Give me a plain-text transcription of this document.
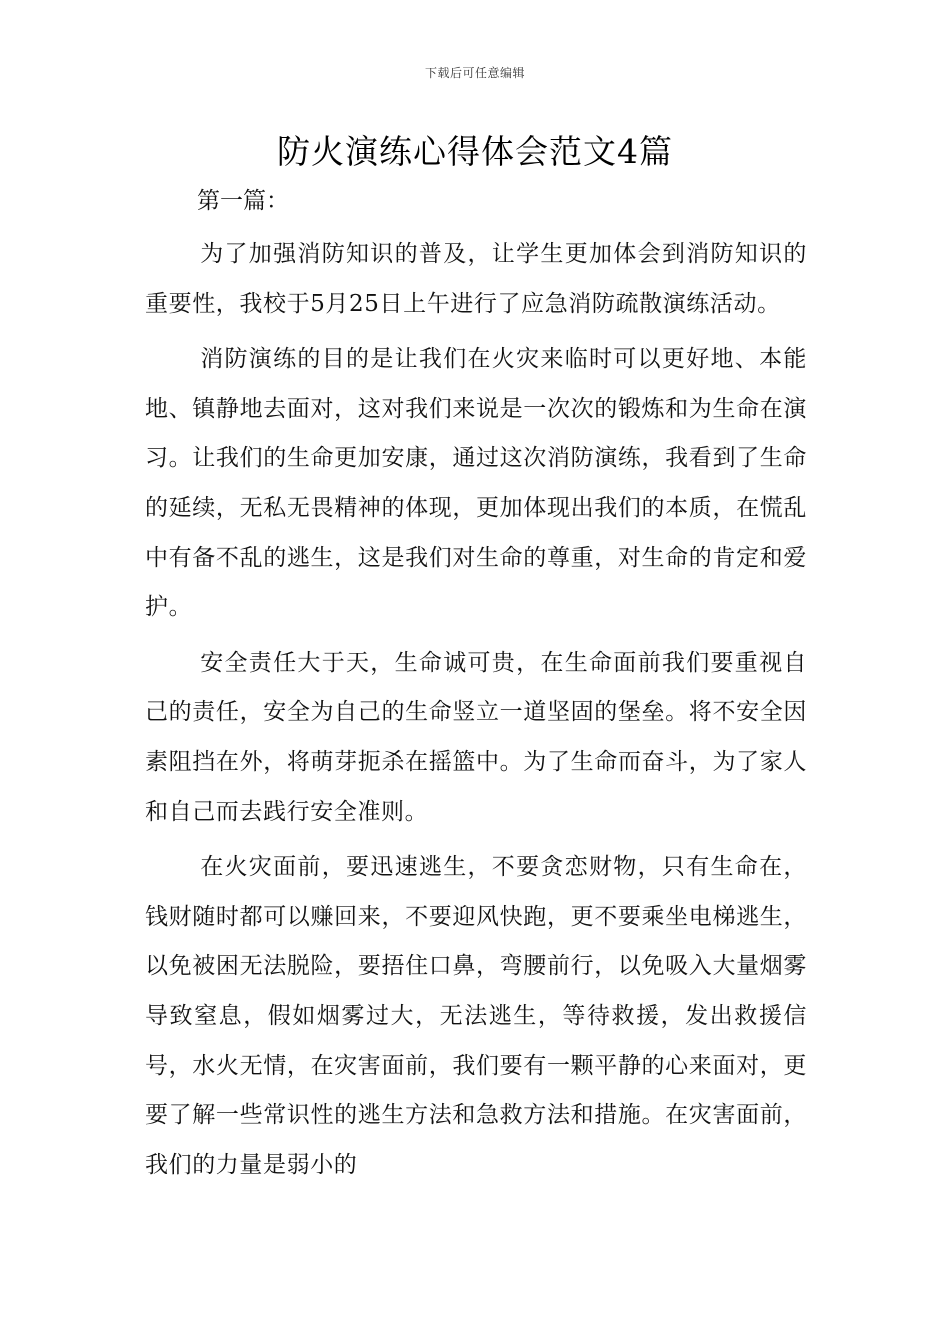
下载后可任意编辑
防火演练心得体会范文4篇

第一篇：

为了加强消防知识的普及，让学生更加体会到消防知识的重要性，我校于5月25日上午进行了应急消防疏散演练活动。

消防演练的目的是让我们在火灾来临时可以更好地、本能地、镇静地去面对，这对我们来说是一次次的锻炼和为生命在演习。让我们的生命更加安康，通过这次消防演练，我看到了生命的延续，无私无畏精神的体现，更加体现出我们的本质，在慌乱中有备不乱的逃生，这是我们对生命的尊重，对生命的肯定和爱护。

安全责任大于天，生命诚可贵，在生命面前我们要重视自己的责任，安全为自己的生命竖立一道坚固的堡垒。将不安全因素阻挡在外，将萌芽扼杀在摇篮中。为了生命而奋斗，为了家人和自己而去践行安全准则。

在火灾面前，要迅速逃生，不要贪恋财物，只有生命在，钱财随时都可以赚回来，不要迎风快跑，更不要乘坐电梯逃生，以免被困无法脱险，要捂住口鼻，弯腰前行，以免吸入大量烟雾导致窒息，假如烟雾过大，无法逃生，等待救援，发出救援信号，水火无情，在灾害面前，我们要有一颗平静的心来面对，更要了解一些常识性的逃生方法和急救方法和措施。在灾害面前，我们的力量是弱小的
